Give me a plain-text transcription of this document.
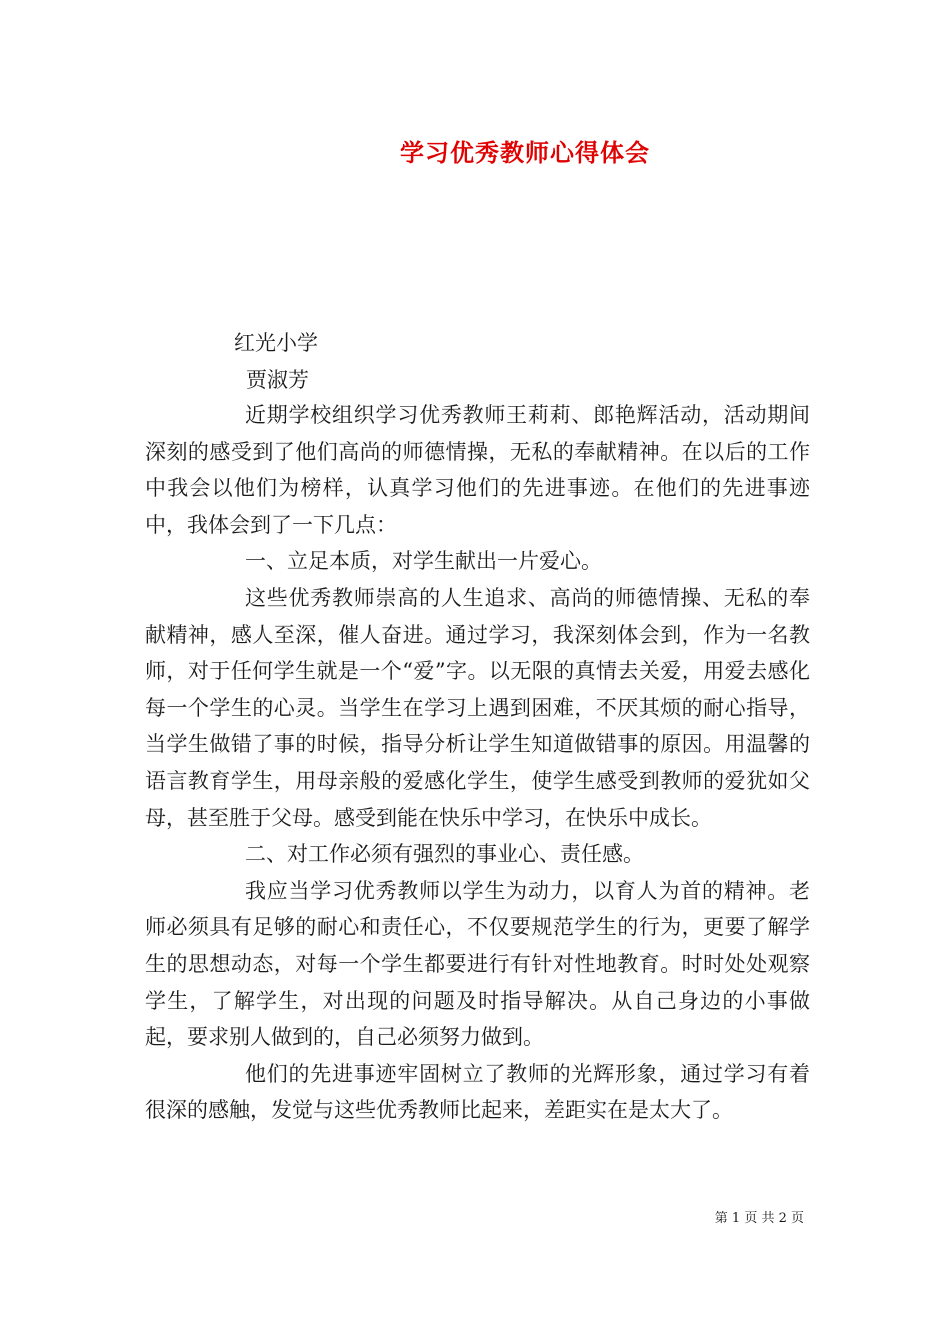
学习优秀教师心得体会
红光小学
贾淑芳

近期学校组织学习优秀教师王莉莉、郎艳辉活动，活动期间深刻的感受到了他们高尚的师德情操，无私的奉献精神。在以后的工作中我会以他们为榜样，认真学习他们的先进事迹。在他们的先进事迹中，我体会到了一下几点：

一、立足本质，对学生献出一片爱心。

这些优秀教师崇高的人生追求、高尚的师德情操、无私的奉献精神，感人至深，催人奋进。通过学习，我深刻体会到，作为一名教师，对于任何学生就是一个“爱”字。以无限的真情去关爱，用爱去感化每一个学生的心灵。当学生在学习上遇到困难，不厌其烦的耐心指导，当学生做错了事的时候，指导分析让学生知道做错事的原因。用温馨的语言教育学生，用母亲般的爱感化学生，使学生感受到教师的爱犹如父母，甚至胜于父母。感受到能在快乐中学习，在快乐中成长。

二、对工作必须有强烈的事业心、责任感。

我应当学习优秀教师以学生为动力，以育人为首的精神。老师必须具有足够的耐心和责任心，不仅要规范学生的行为，更要了解学生的思想动态，对每一个学生都要进行有针对性地教育。时时处处观察学生，了解学生，对出现的问题及时指导解决。从自己身边的小事做起，要求别人做到的，自己必须努力做到。

他们的先进事迹牢固树立了教师的光辉形象，通过学习有着很深的感触，发觉与这些优秀教师比起来，差距实在是太大了。

第 1 页 共 2 页
